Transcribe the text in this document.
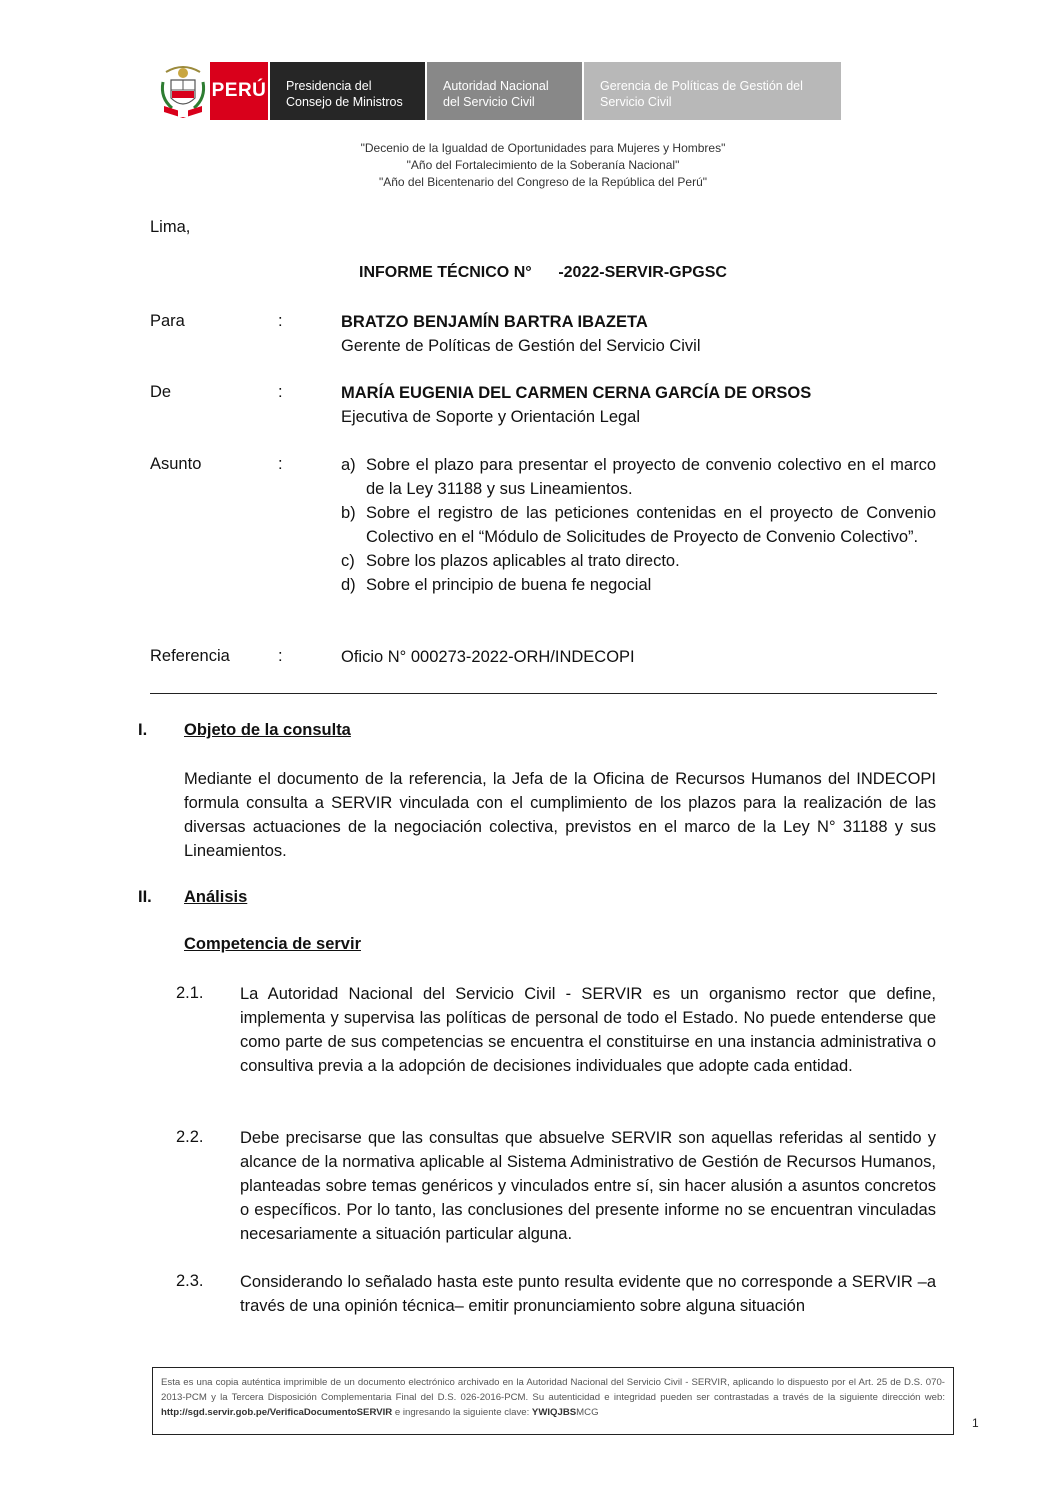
PERÚ Presidencia del
Consejo de Ministros
Autoridad Nacional
del Servicio Civil
Gerencia de Políticas de Gestión del
Servicio Civil
"Decenio de la Igualdad de Oportunidades para Mujeres y Hombres"
"Año del Fortalecimiento de la Soberanía Nacional"
"Año del Bicentenario del Congreso de la República del Perú"
Lima,
INFORME TÉCNICO N°      -2022-SERVIR-GPGSC
Para	:	BRATZO BENJAMÍN BARTRA IBAZETA
Gerente de Políticas de Gestión del Servicio Civil
De	:	MARÍA EUGENIA DEL CARMEN CERNA GARCÍA DE ORSOS
Ejecutiva de Soporte y Orientación Legal
Asunto	:	a) Sobre el plazo para presentar el proyecto de convenio colectivo en el marco de la Ley 31188 y sus Lineamientos.
b) Sobre el registro de las peticiones contenidas en el proyecto de Convenio Colectivo en el “Módulo de Solicitudes de Proyecto de Convenio Colectivo”.
c) Sobre los plazos aplicables al trato directo.
d) Sobre el principio de buena fe negocial
Referencia	:	Oficio N° 000273-2022-ORH/INDECOPI
I. Objeto de la consulta
Mediante el documento de la referencia, la Jefa de la Oficina de Recursos Humanos del INDECOPI formula consulta a SERVIR vinculada con el cumplimiento de los plazos para la realización de las diversas actuaciones de la negociación colectiva, previstos en el marco de la Ley N° 31188 y sus Lineamientos.
II. Análisis
Competencia de servir
2.1. La Autoridad Nacional del Servicio Civil - SERVIR es un organismo rector que define, implementa y supervisa las políticas de personal de todo el Estado. No puede entenderse que como parte de sus competencias se encuentra el constituirse en una instancia administrativa o consultiva previa a la adopción de decisiones individuales que adopte cada entidad.
2.2. Debe precisarse que las consultas que absuelve SERVIR son aquellas referidas al sentido y alcance de la normativa aplicable al Sistema Administrativo de Gestión de Recursos Humanos, planteadas sobre temas genéricos y vinculados entre sí, sin hacer alusión a asuntos concretos o específicos. Por lo tanto, las conclusiones del presente informe no se encuentran vinculadas necesariamente a situación particular alguna.
2.3. Considerando lo señalado hasta este punto resulta evidente que no corresponde a SERVIR –a través de una opinión técnica– emitir pronunciamiento sobre alguna situación
Esta es una copia auténtica imprimible de un documento electrónico archivado en la Autoridad Nacional del Servicio Civil - SERVIR, aplicando lo dispuesto por el Art. 25 de D.S. 070-2013-PCM y la Tercera Disposición Complementaria Final del D.S. 026-2016-PCM. Su autenticidad e integridad pueden ser contrastadas a través de la siguiente dirección web: http://sgd.servir.gob.pe/VerificaDocumentoSERVIR e ingresando la siguiente clave: YWIQJBSMCG
1
